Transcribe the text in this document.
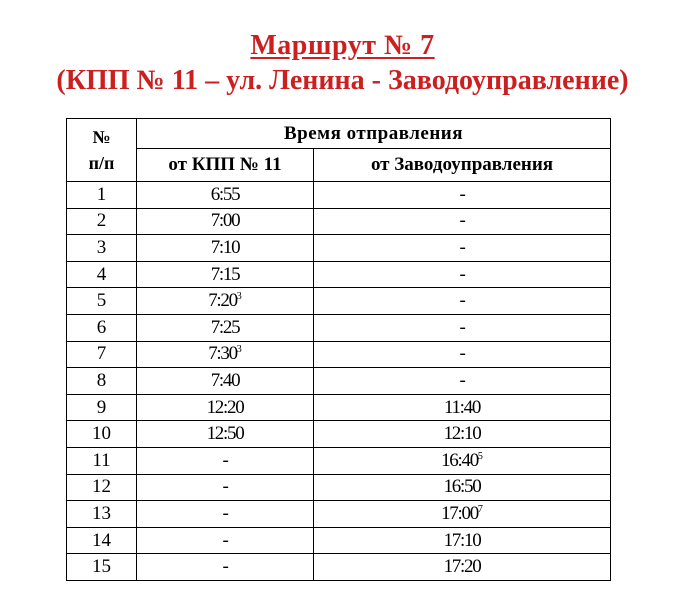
Маршрут № 7
(КПП № 11 – ул. Ленина - Заводоуправление)
№
п/п	Время отправления	
	от КПП № 11	от Заводоуправления
1	6:55	-
2	7:00	-
3	7:10	-
4	7:15	-
5	$7:20^3$	-
6	7:25	-
7	$7:30^3$	-
8	7:40	-
9	12:20	11:40
10	12:50	12:10
11	-	$16:40^5$
12	-	16:50
13	-	$17:00^7$
14	-	17:10
15	-	17:20
